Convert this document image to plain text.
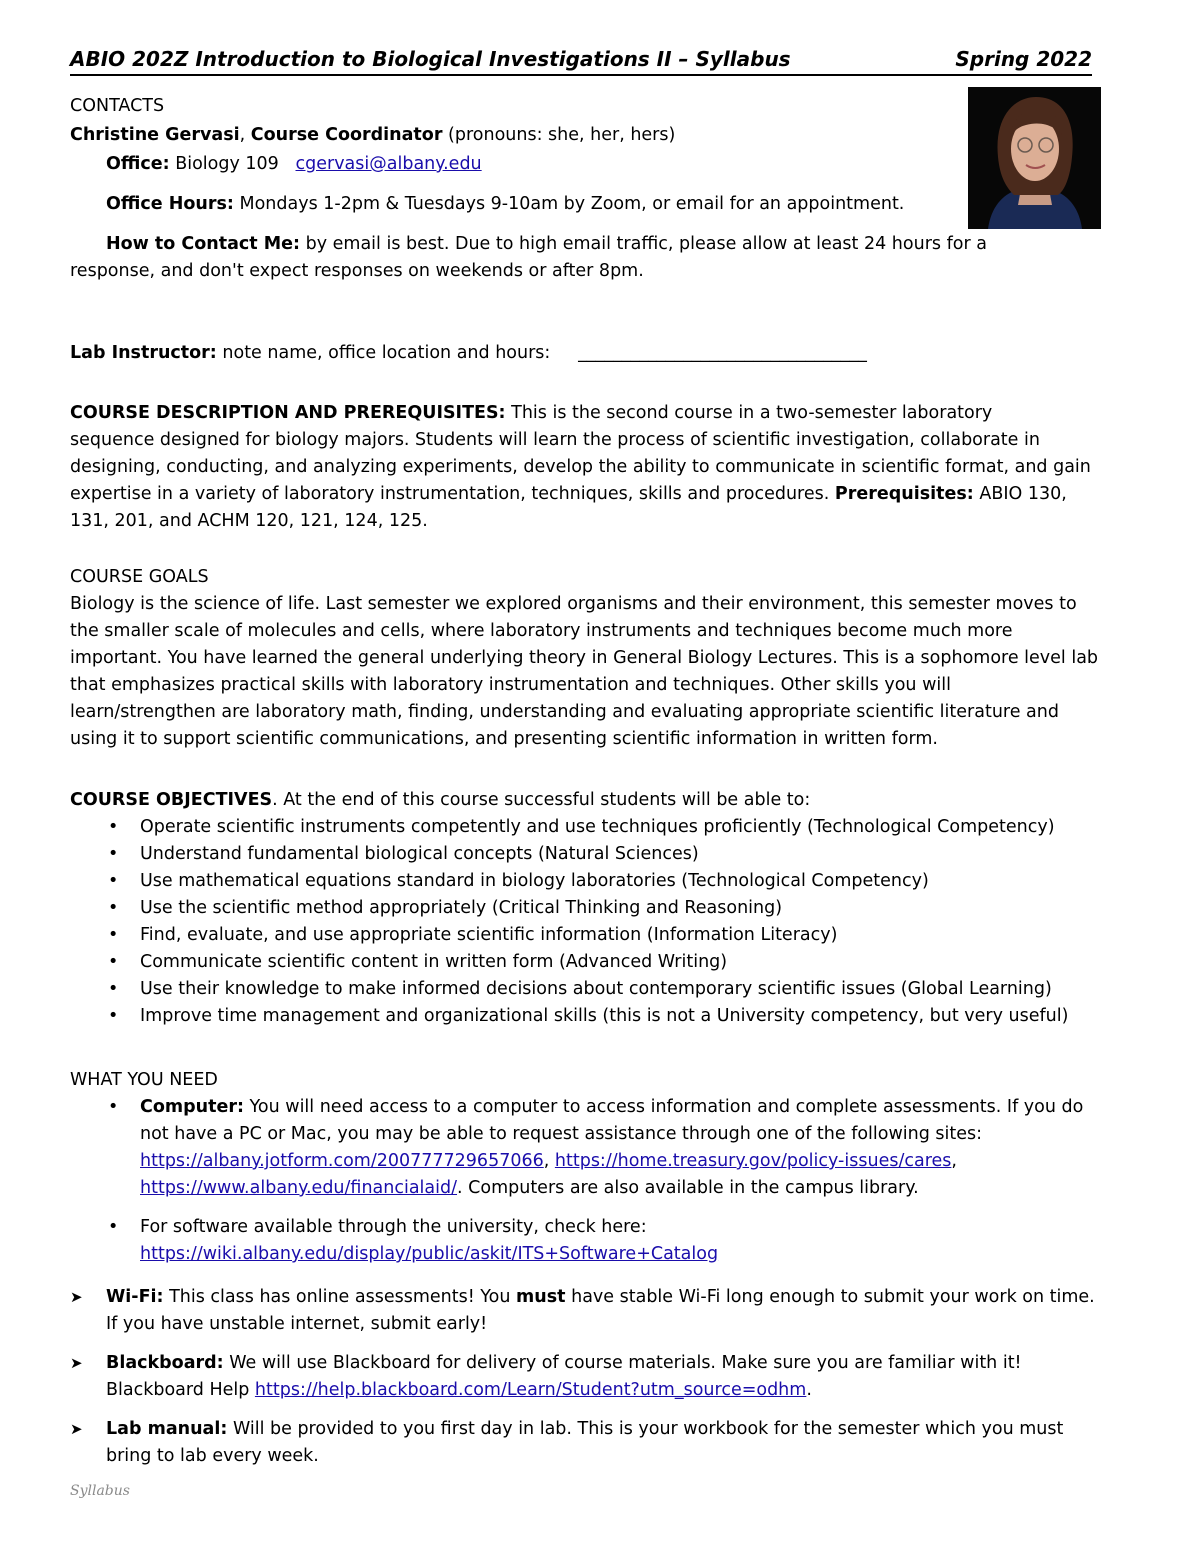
ABIO 202Z Introduction to Biological Investigations II – Syllabus	Spring 2022
CONTACTS
Christine Gervasi, Course Coordinator (pronouns: she, her, hers)
Office: Biology 109 cgervasi@albany.edu
Office Hours: Mondays 1-2pm & Tuesdays 9-10am by Zoom, or email for an appointment.
How to Contact Me: by email is best. Due to high email traffic, please allow at least 24 hours for a
response, and don't expect responses on weekends or after 8pm.
Lab Instructor: note name, office location and hours: _________________________________
COURSE DESCRIPTION AND PREREQUISITES: This is the second course in a two-semester laboratory
sequence designed for biology majors. Students will learn the process of scientific investigation, collaborate in
designing, conducting, and analyzing experiments, develop the ability to communicate in scientific format, and gain
expertise in a variety of laboratory instrumentation, techniques, skills and procedures. Prerequisites: ABIO 130,
131, 201, and ACHM 120, 121, 124, 125.
COURSE GOALS
Biology is the science of life. Last semester we explored organisms and their environment, this semester moves to
the smaller scale of molecules and cells, where laboratory instruments and techniques become much more
important. You have learned the general underlying theory in General Biology Lectures. This is a sophomore level lab
that emphasizes practical skills with laboratory instrumentation and techniques. Other skills you will
learn/strengthen are laboratory math, finding, understanding and evaluating appropriate scientific literature and
using it to support scientific communications, and presenting scientific information in written form.
COURSE OBJECTIVES. At the end of this course successful students will be able to:
• Operate scientific instruments competently and use techniques proficiently (Technological Competency)
• Understand fundamental biological concepts (Natural Sciences)
• Use mathematical equations standard in biology laboratories (Technological Competency)
• Use the scientific method appropriately (Critical Thinking and Reasoning)
• Find, evaluate, and use appropriate scientific information (Information Literacy)
• Communicate scientific content in written form (Advanced Writing)
• Use their knowledge to make informed decisions about contemporary scientific issues (Global Learning)
• Improve time management and organizational skills (this is not a University competency, but very useful)
WHAT YOU NEED
• Computer: You will need access to a computer to access information and complete assessments. If you do
not have a PC or Mac, you may be able to request assistance through one of the following sites:
https://albany.jotform.com/200777729657066, https://home.treasury.gov/policy-issues/cares,
https://www.albany.edu/financialaid/. Computers are also available in the campus library.
• For software available through the university, check here:
https://wiki.albany.edu/display/public/askit/ITS+Software+Catalog
➤ Wi-Fi: This class has online assessments! You must have stable Wi-Fi long enough to submit your work on time.
If you have unstable internet, submit early!
➤ Blackboard: We will use Blackboard for delivery of course materials. Make sure you are familiar with it!
Blackboard Help https://help.blackboard.com/Learn/Student?utm_source=odhm.
➤ Lab manual: Will be provided to you first day in lab. This is your workbook for the semester which you must
bring to lab every week.
Syllabus
